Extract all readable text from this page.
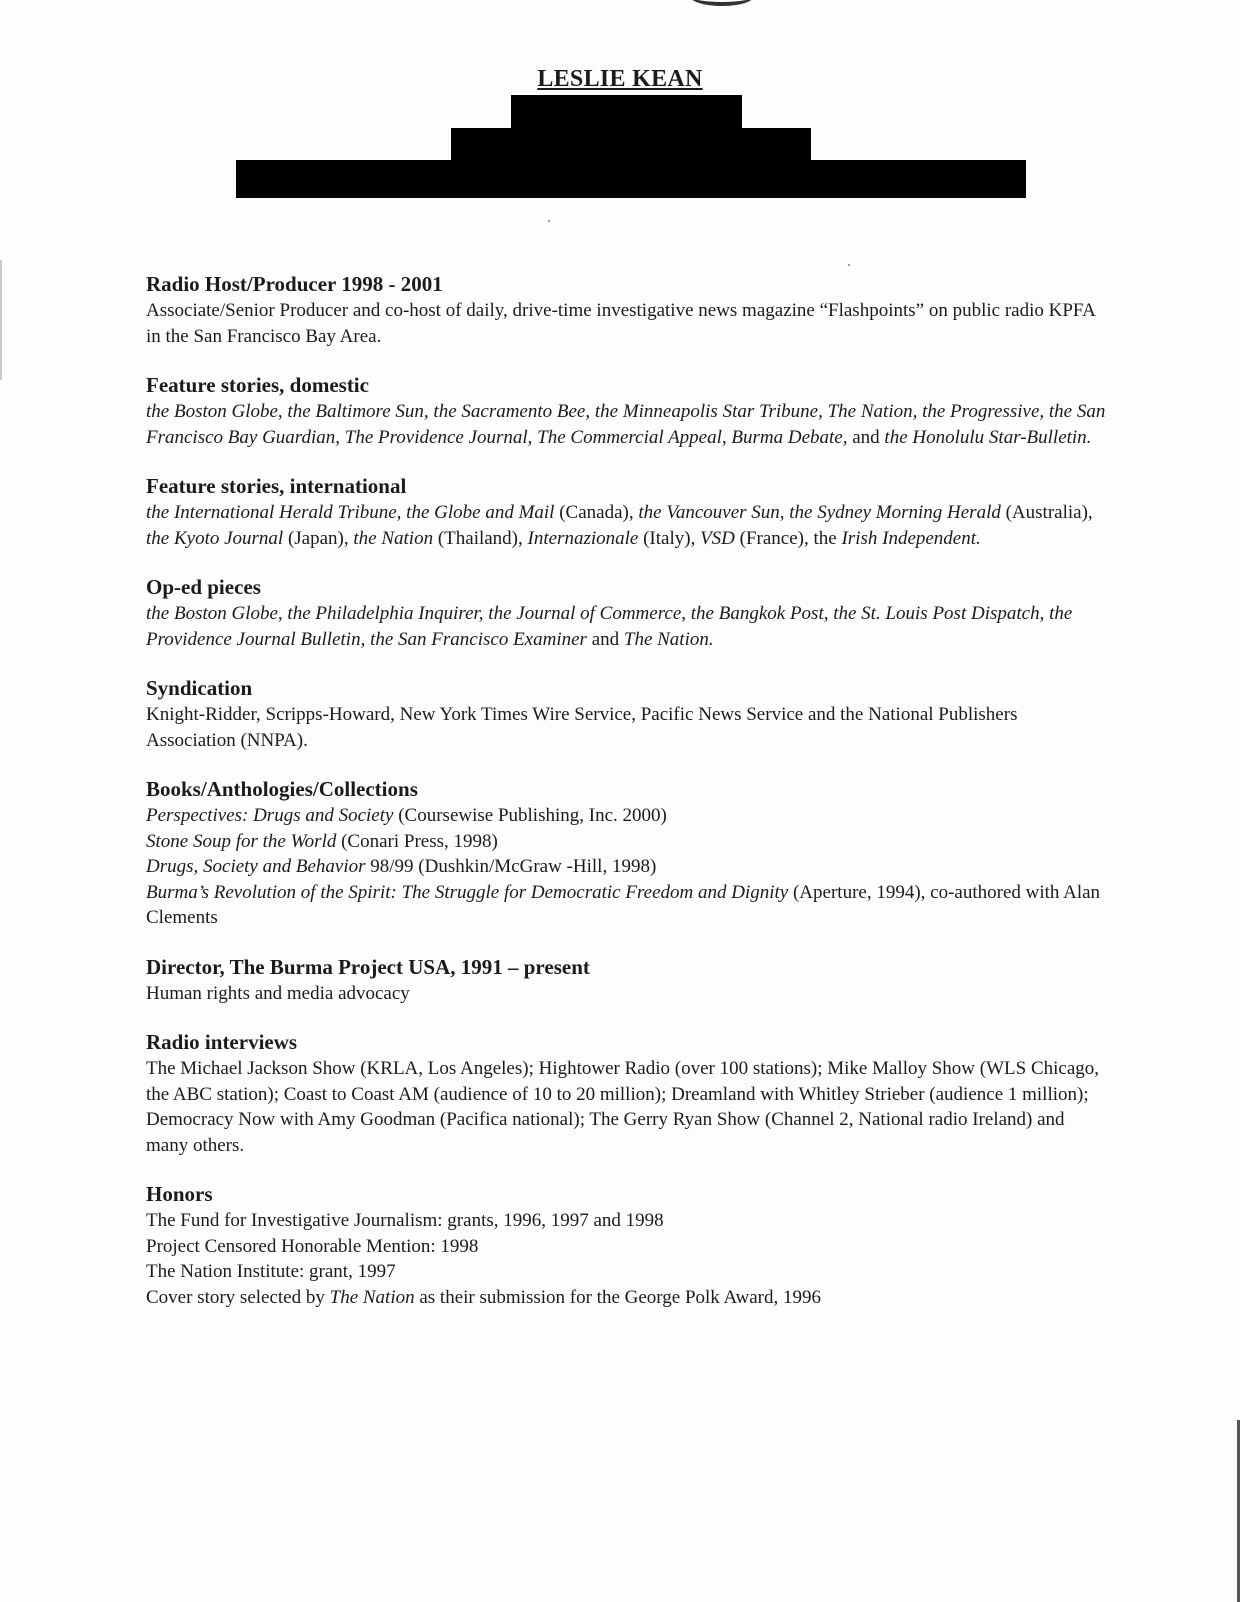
LESLIE KEAN

Radio Host/Producer 1998 - 2001

Associate/Senior Producer and co-host of daily, drive-time investigative news magazine “Flashpoints” on public radio KPFA in the San Francisco Bay Area.

Feature stories, domestic

the Boston Globe, the Baltimore Sun, the Sacramento Bee, the Minneapolis Star Tribune, The Nation, the Progressive, the San Francisco Bay Guardian, The Providence Journal, The Commercial Appeal, Burma Debate, and the Honolulu Star-Bulletin.

Feature stories, international

the International Herald Tribune, the Globe and Mail (Canada), the Vancouver Sun, the Sydney Morning Herald (Australia), the Kyoto Journal (Japan), the Nation (Thailand), Internazionale (Italy), VSD (France), the Irish Independent.

Op-ed pieces

the Boston Globe, the Philadelphia Inquirer, the Journal of Commerce, the Bangkok Post, the St. Louis Post Dispatch, the Providence Journal Bulletin, the San Francisco Examiner and The Nation.

Syndication

Knight-Ridder, Scripps-Howard, New York Times Wire Service, Pacific News Service and the National Publishers Association (NNPA).

Books/Anthologies/Collections

Perspectives: Drugs and Society (Coursewise Publishing, Inc. 2000)

Stone Soup for the World (Conari Press, 1998)

Drugs, Society and Behavior 98/99 (Dushkin/McGraw -Hill, 1998)

Burma’s Revolution of the Spirit: The Struggle for Democratic Freedom and Dignity (Aperture, 1994), co-authored with Alan Clements

Director, The Burma Project USA, 1991 – present

Human rights and media advocacy

Radio interviews

The Michael Jackson Show (KRLA, Los Angeles); Hightower Radio (over 100 stations); Mike Malloy Show (WLS Chicago, the ABC station); Coast to Coast AM (audience of 10 to 20 million); Dreamland with Whitley Strieber (audience 1 million); Democracy Now with Amy Goodman (Pacifica national); The Gerry Ryan Show (Channel 2, National radio Ireland) and many others.

Honors

The Fund for Investigative Journalism: grants, 1996, 1997 and 1998

Project Censored Honorable Mention: 1998

The Nation Institute: grant, 1997

Cover story selected by The Nation as their submission for the George Polk Award, 1996
